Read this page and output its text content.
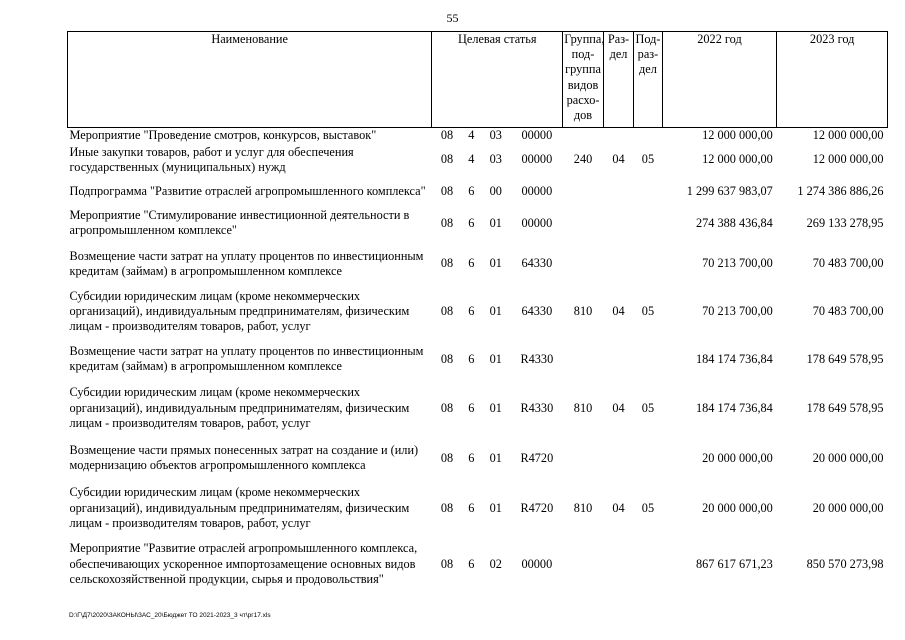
55
Наименование	Целевая статья				Группа, под- группа видов расхо- дов	Раз- дел	Под- раз- дел	2022 год	2023 год
Мероприятие "Проведение смотров, конкурсов, выставок"	08	4	03	00000				12 000 000,00	12 000 000,00
Иные закупки товаров, работ и услуг для обеспечения государственных (муниципальных) нужд	08	4	03	00000	240	04	05	12 000 000,00	12 000 000,00
Подпрограмма "Развитие отраслей агропромышленного комплекса"	08	6	00	00000				1 299 637 983,07	1 274 386 886,26
Мероприятие "Стимулирование инвестиционной деятельности в агропромышленном комплексе"	08	6	01	00000				274 388 436,84	269 133 278,95
Возмещение части затрат на уплату процентов по инвестиционным кредитам (займам) в агропромышленном комплексе	08	6	01	64330				70 213 700,00	70 483 700,00
Субсидии юридическим лицам (кроме некоммерческих организаций), индивидуальным предпринимателям, физическим лицам - производителям товаров, работ, услуг	08	6	01	64330	810	04	05	70 213 700,00	70 483 700,00
Возмещение части затрат на уплату процентов по инвестиционным кредитам (займам) в агропромышленном комплексе	08	6	01	R4330				184 174 736,84	178 649 578,95
Субсидии юридическим лицам (кроме некоммерческих организаций), индивидуальным предпринимателям, физическим лицам - производителям товаров, работ, услуг	08	6	01	R4330	810	04	05	184 174 736,84	178 649 578,95
Возмещение части прямых понесенных затрат на создание и (или) модернизацию объектов агропромышленного комплекса	08	6	01	R4720				20 000 000,00	20 000 000,00
Субсидии юридическим лицам (кроме некоммерческих организаций), индивидуальным предпринимателям, физическим лицам - производителям товаров, работ, услуг	08	6	01	R4720	810	04	05	20 000 000,00	20 000 000,00
Мероприятие "Развитие отраслей агропромышленного комплекса, обеспечивающих ускоренное импортозамещение основных видов сельскохозяйственной продукции, сырья и продовольствия"	08	6	02	00000				867 617 671,23	850 570 273,98
D:\Г\Д7\2020\ЗАКОНЫ\ЗАС_20\Бюджет ТО 2021-2023_3 чт\рг17.xls
